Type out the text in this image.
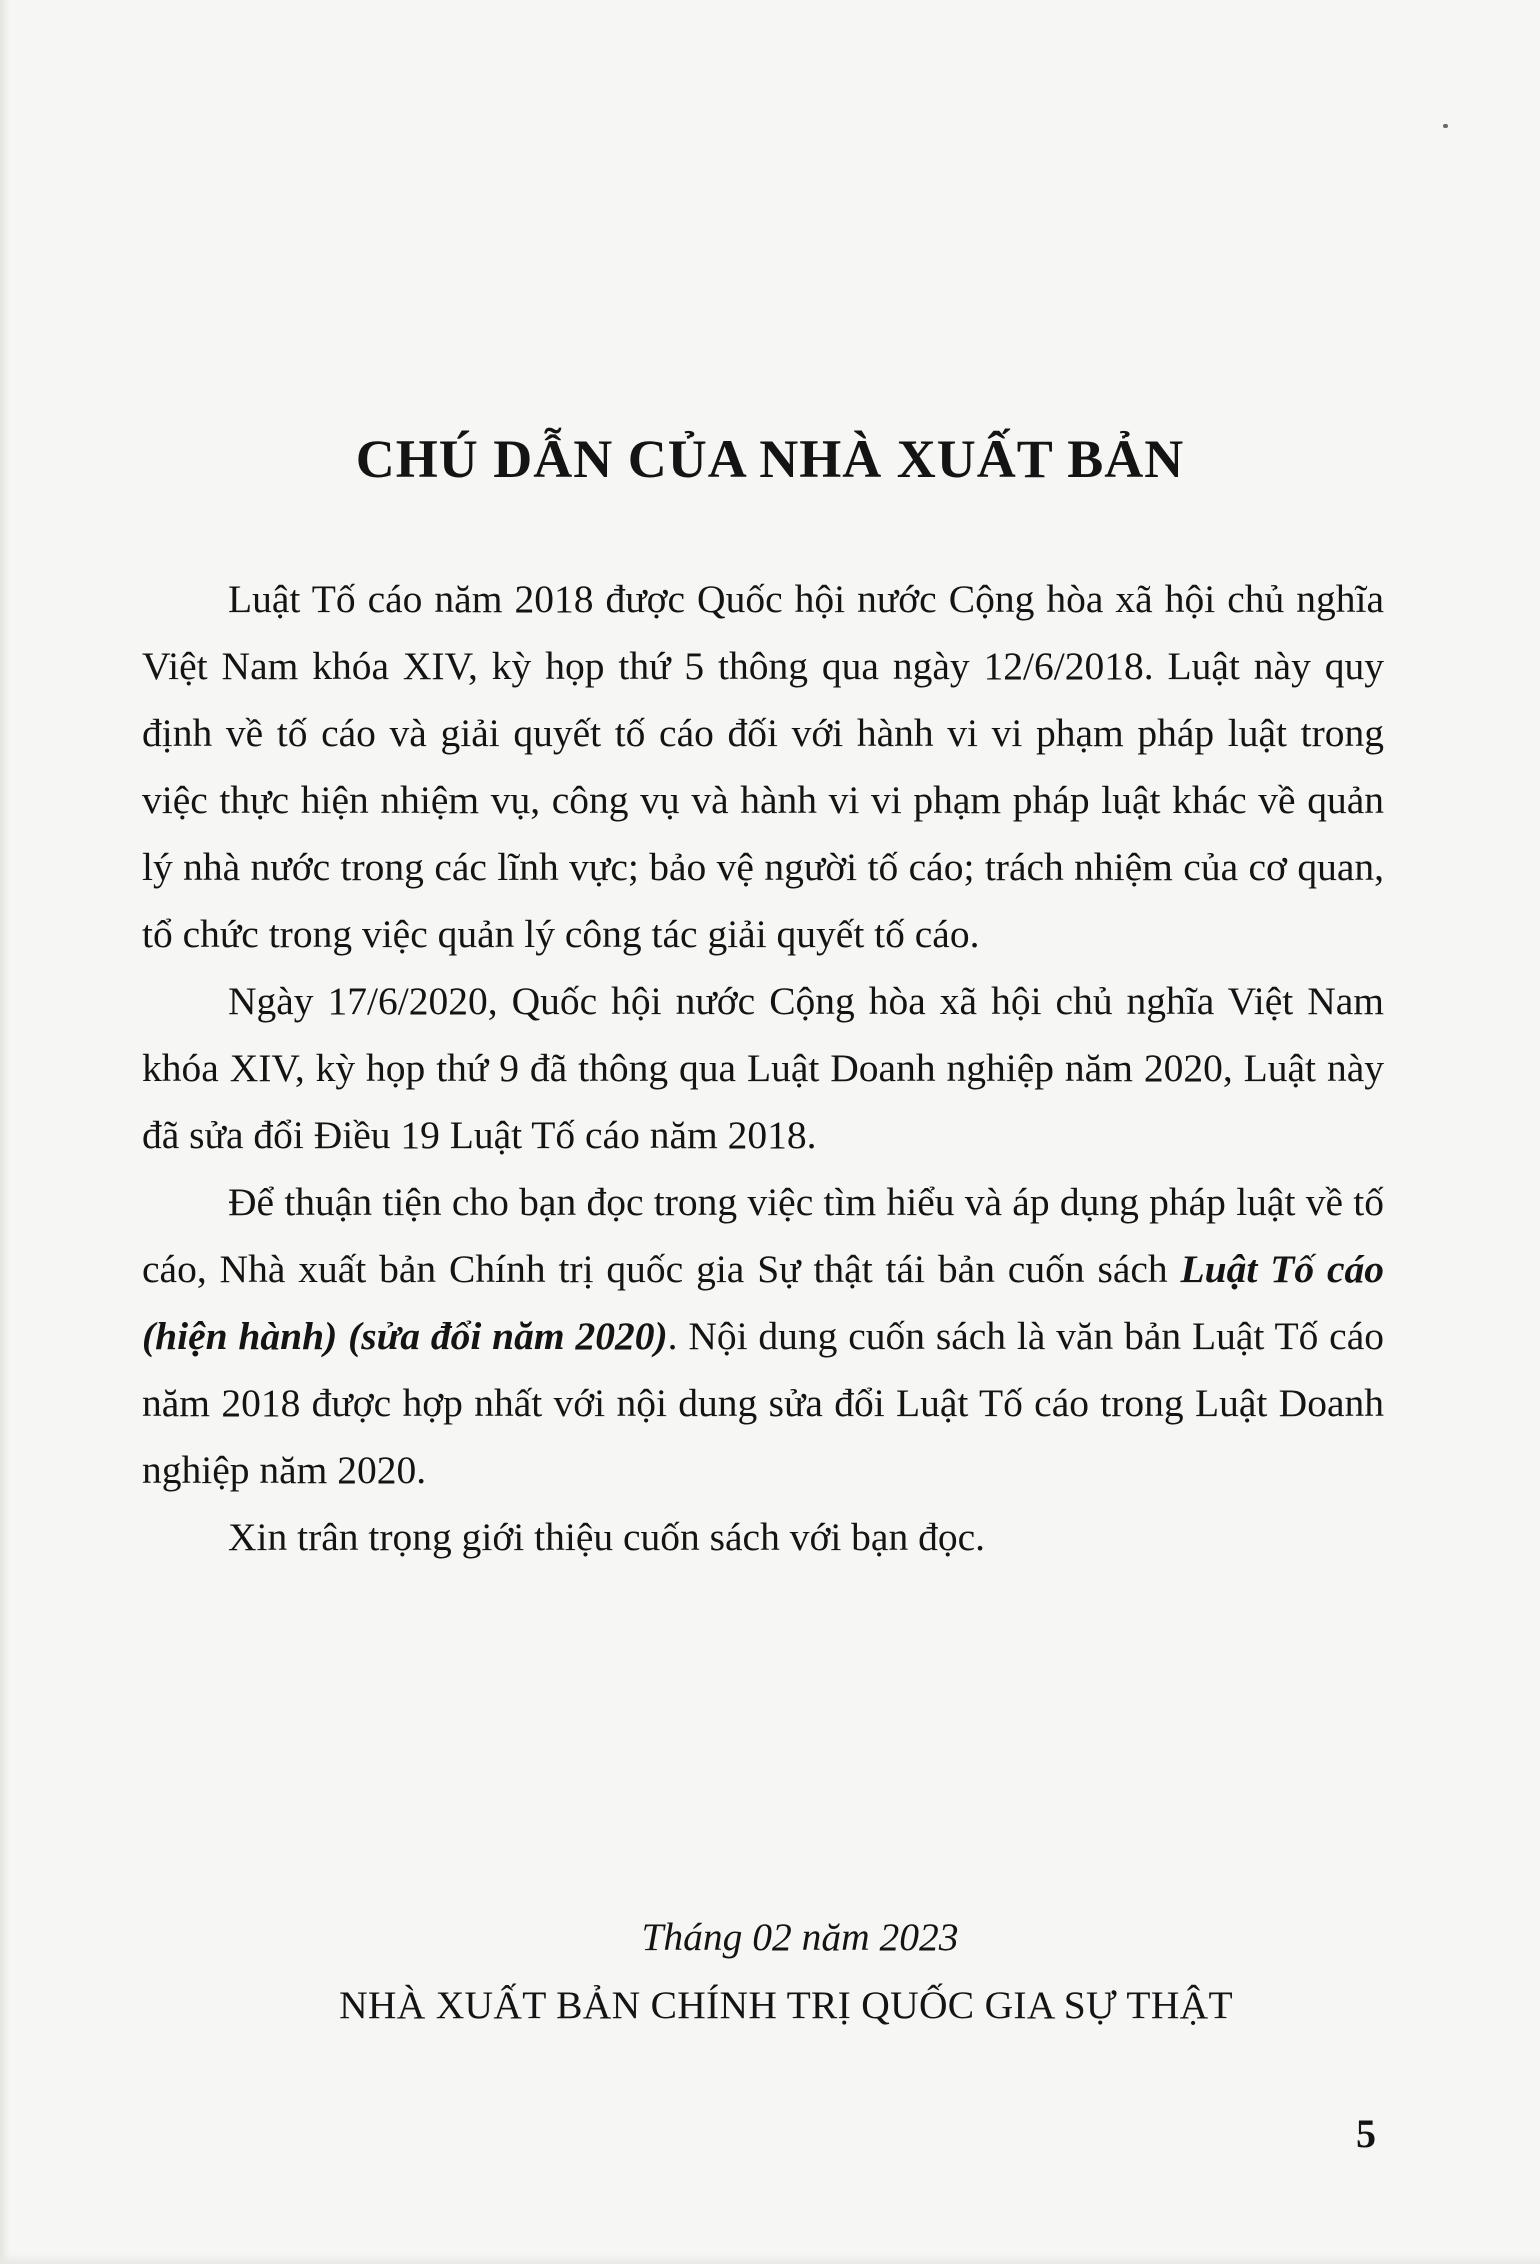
CHÚ DẪN CỦA NHÀ XUẤT BẢN

Luật Tố cáo năm 2018 được Quốc hội nước Cộng hòa xã hội chủ nghĩa Việt Nam khóa XIV, kỳ họp thứ 5 thông qua ngày 12/6/2018. Luật này quy định về tố cáo và giải quyết tố cáo đối với hành vi vi phạm pháp luật trong việc thực hiện nhiệm vụ, công vụ và hành vi vi phạm pháp luật khác về quản lý nhà nước trong các lĩnh vực; bảo vệ người tố cáo; trách nhiệm của cơ quan, tổ chức trong việc quản lý công tác giải quyết tố cáo.

Ngày 17/6/2020, Quốc hội nước Cộng hòa xã hội chủ nghĩa Việt Nam khóa XIV, kỳ họp thứ 9 đã thông qua Luật Doanh nghiệp năm 2020, Luật này đã sửa đổi Điều 19 Luật Tố cáo năm 2018.

Để thuận tiện cho bạn đọc trong việc tìm hiểu và áp dụng pháp luật về tố cáo, Nhà xuất bản Chính trị quốc gia Sự thật tái bản cuốn sách Luật Tố cáo (hiện hành) (sửa đổi năm 2020). Nội dung cuốn sách là văn bản Luật Tố cáo năm 2018 được hợp nhất với nội dung sửa đổi Luật Tố cáo trong Luật Doanh nghiệp năm 2020.

Xin trân trọng giới thiệu cuốn sách với bạn đọc.

Tháng 02 năm 2023
NHÀ XUẤT BẢN CHÍNH TRỊ QUỐC GIA SỰ THẬT
5
